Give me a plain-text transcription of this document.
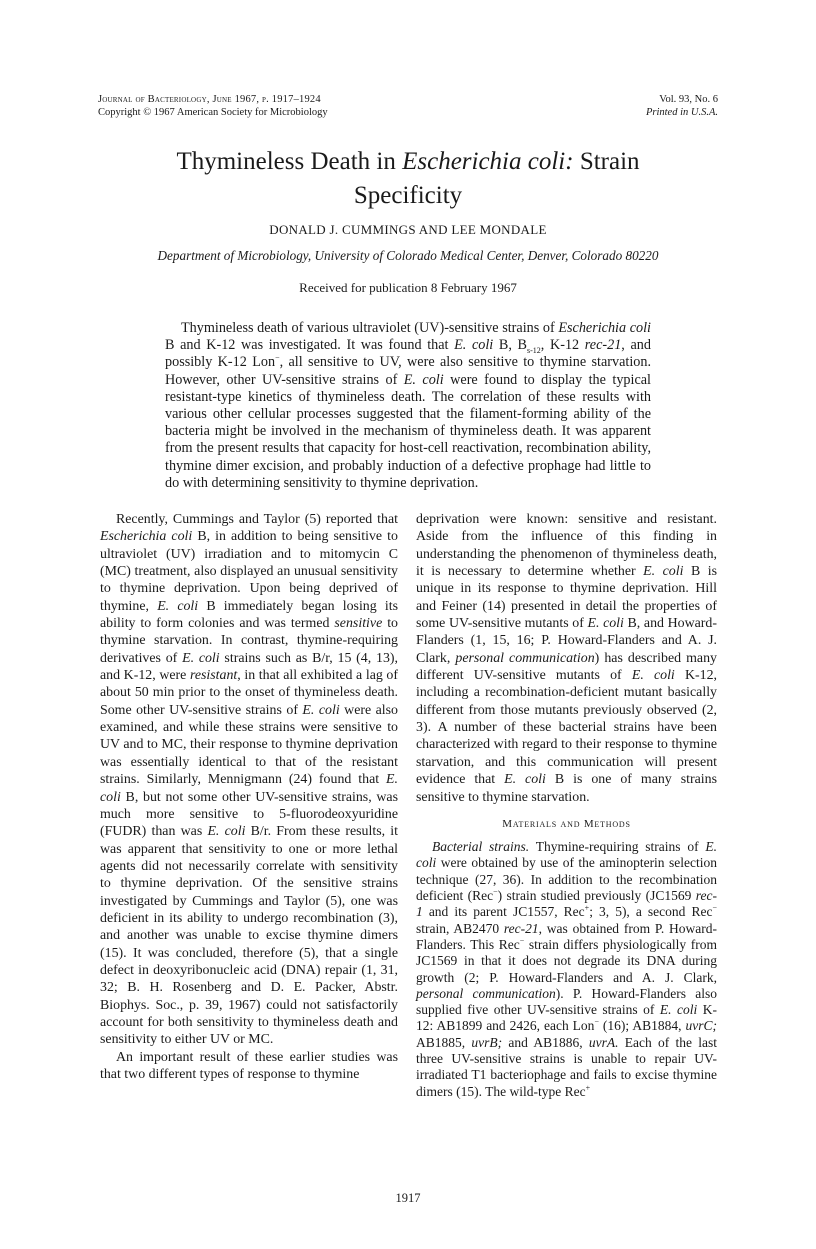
Journal of Bacteriology, June 1967, p. 1917–1924
Copyright © 1967 American Society for Microbiology
Vol. 93, No. 6
Printed in U.S.A.
Thymineless Death in Escherichia coli: Strain
Specificity
DONALD J. CUMMINGS AND LEE MONDALE
Department of Microbiology, University of Colorado Medical Center, Denver, Colorado 80220
Received for publication 8 February 1967

Thymineless death of various ultraviolet (UV)-sensitive strains of Escherichia coli B and K-12 was investigated. It was found that E. coli B, $B_{s-12}$, K-12 rec-21, and possibly K-12 Lon−, all sensitive to UV, were also sensitive to thymine starvation. However, other UV-sensitive strains of E. coli were found to display the typical resistant-type kinetics of thymineless death. The correlation of these results with various other cellular processes suggested that the filament-forming ability of the bacteria might be involved in the mechanism of thymineless death. It was apparent from the present results that capacity for host-cell reactivation, recombination ability, thymine dimer excision, and probably induction of a defective prophage had little to do with determining sensitivity to thymine deprivation.

Recently, Cummings and Taylor (5) reported that Escherichia coli B, in addition to being sensitive to ultraviolet (UV) irradiation and to mitomycin C (MC) treatment, also displayed an unusual sensitivity to thymine deprivation. Upon being deprived of thymine, E. coli B immediately began losing its ability to form colonies and was termed sensitive to thymine starvation. In contrast, thymine-requiring derivatives of E. coli strains such as B/r, 15 (4, 13), and K-12, were resistant, in that all exhibited a lag of about 50 min prior to the onset of thymineless death. Some other UV-sensitive strains of E. coli were also examined, and while these strains were sensitive to UV and to MC, their response to thymine deprivation was essentially identical to that of the resistant strains. Similarly, Mennigmann (24) found that E. coli B, but not some other UV-sensitive strains, was much more sensitive to 5-fluorodeoxyuridine (FUDR) than was E. coli B/r. From these results, it was apparent that sensitivity to one or more lethal agents did not necessarily correlate with sensitivity to thymine deprivation. Of the sensitive strains investigated by Cummings and Taylor (5), one was deficient in its ability to undergo recombination (3), and another was unable to excise thymine dimers (15). It was concluded, therefore (5), that a single defect in deoxyribonucleic acid (DNA) repair (1, 31, 32; B. H. Rosenberg and D. E. Packer, Abstr. Biophys. Soc., p. 39, 1967) could not satisfactorily account for both sensitivity to thymineless death and sensitivity to either UV or MC.

An important result of these earlier studies was that two different types of response to thymine

deprivation were known: sensitive and resistant. Aside from the influence of this finding in understanding the phenomenon of thymineless death, it is necessary to determine whether E. coli B is unique in its response to thymine deprivation. Hill and Feiner (14) presented in detail the properties of some UV-sensitive mutants of E. coli B, and Howard-Flanders (1, 15, 16; P. Howard-Flanders and A. J. Clark, personal communication) has described many different UV-sensitive mutants of E. coli K-12, including a recombination-deficient mutant basically different from those mutants previously observed (2, 3). A number of these bacterial strains have been characterized with regard to their response to thymine starvation, and this communication will present evidence that E. coli B is one of many strains sensitive to thymine starvation.

Materials and Methods

Bacterial strains. Thymine-requiring strains of E. coli were obtained by use of the aminopterin selection technique (27, 36). In addition to the recombination deficient (Rec−) strain studied previously (JC1569 rec-1 and its parent JC1557, Rec+; 3, 5), a second Rec− strain, AB2470 rec-21, was obtained from P. Howard-Flanders. This Rec− strain differs physiologically from JC1569 in that it does not degrade its DNA during growth (2; P. Howard-Flanders and A. J. Clark, personal communication). P. Howard-Flanders also supplied five other UV-sensitive strains of E. coli K-12: AB1899 and 2426, each Lon− (16); AB1884, uvrC; AB1885, uvrB; and AB1886, uvrA. Each of the last three UV-sensitive strains is unable to repair UV-irradiated T1 bacteriophage and fails to excise thymine dimers (15). The wild-type Rec+

1917
